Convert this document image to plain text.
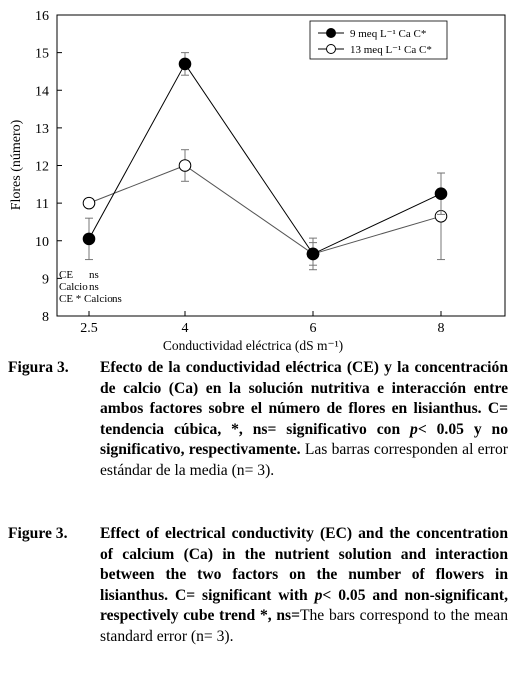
8
9
10
11
12
13
14
15
16
2.5	4	6	8
Flores (número)
Conductividad eléctrica (dS m⁻¹)
CE ns
Calcio ns
CE * Calcio ns
9 meq L⁻¹ Ca C*
13 meq L⁻¹ Ca C*
Figura 3.	Efecto de la conductividad eléctrica (CE) y la concentración de calcio (Ca) en la solución nutritiva e interacción entre ambos factores sobre el número de flores en lisianthus. C= tendencia cúbica, *, ns= significativo con p< 0.05 y no significativo, respectivamente. Las barras corresponden al error estándar de la media (n= 3).
Figure 3.	Effect of electrical conductivity (EC) and the concentration of calcium (Ca) in the nutrient solution and interaction between the two factors on the number of flowers in lisianthus. C= significant with p< 0.05 and non-significant, respectively cube trend *, ns=The bars correspond to the mean standard error (n= 3).
